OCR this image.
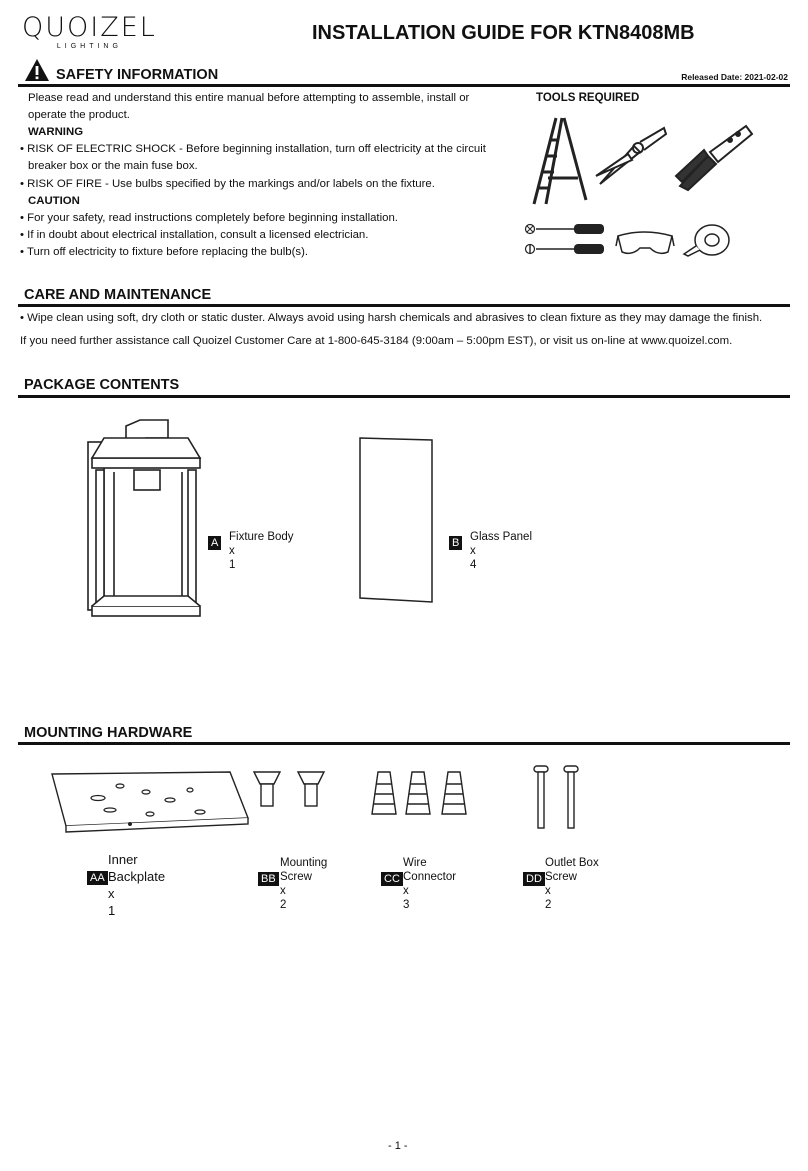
QUOIZEL
LIGHTING
INSTALLATION GUIDE FOR KTN8408MB
SAFETY INFORMATION	Released Date: 2021-02-02
Please read and understand this entire manual before attempting to assemble, install or
operate the product.
WARNING
• RISK OF ELECTRIC SHOCK - Before beginning installation, turn off electricity at the circuit
breaker box or the main fuse box.
• RISK OF FIRE - Use bulbs specified by the markings and/or labels on the fixture.
CAUTION
• For your safety, read instructions completely before beginning installation.
• If in doubt about electrical installation, consult a licensed electrician.
• Turn off electricity to fixture before replacing the bulb(s).
TOOLS REQUIRED
CARE AND MAINTENANCE
• Wipe clean using soft, dry cloth or static duster. Always avoid using harsh chemicals and abrasives to clean fixture as they may damage the finish.
If you need further assistance call Quoizel Customer Care at 1-800-645-3184 (9:00am – 5:00pm EST), or visit us on-line at www.quoizel.com.
PACKAGE CONTENTS
A Fixture Body
x 1
B Glass Panel
x 4
MOUNTING HARDWARE
AA
Inner
Backplate
x 1
BB
Mounting
Screw
x 2
CC
Wire
Connector
x 3
DD
Outlet Box
Screw
x 2
- 1 -
